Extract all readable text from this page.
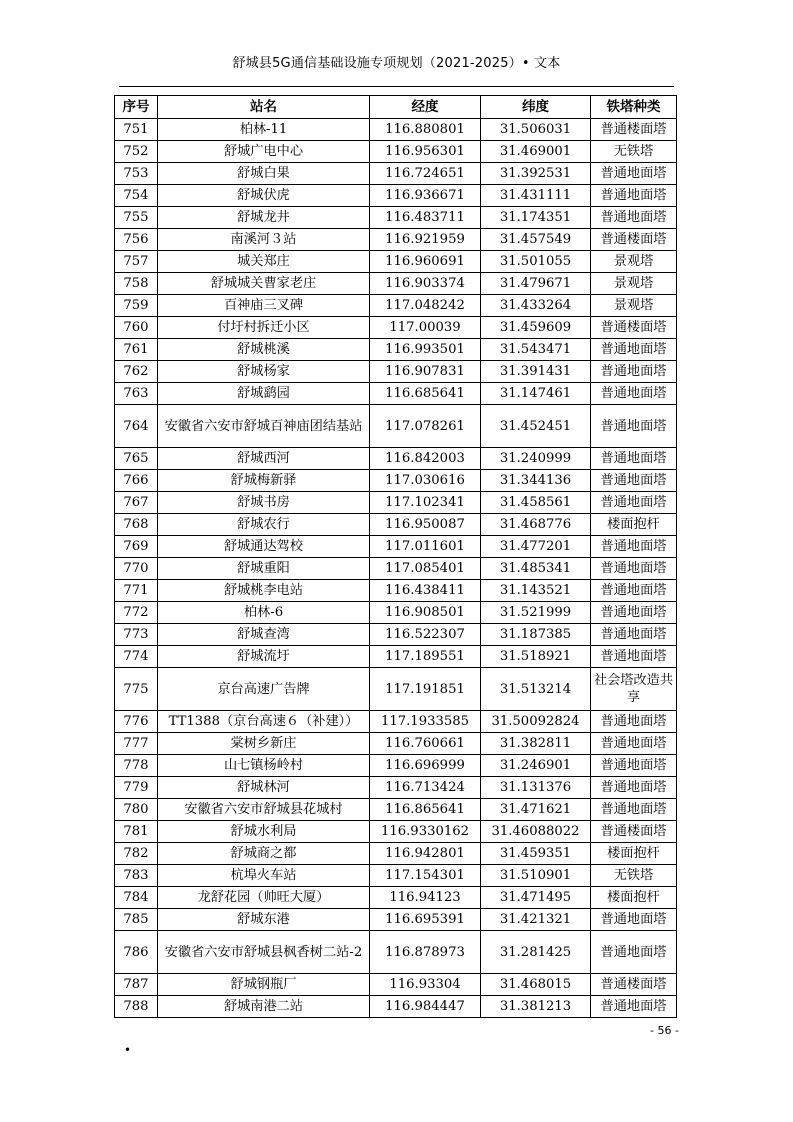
舒城县5G通信基础设施专项规划（2021-2025）• 文本
序号	站名	经度	纬度	铁塔种类
751	柏林-11	116.880801	31.506031	普通楼面塔
752	舒城广电中心	116.956301	31.469001	无铁塔
753	舒城白果	116.724651	31.392531	普通地面塔
754	舒城伏虎	116.936671	31.431111	普通地面塔
755	舒城龙井	116.483711	31.174351	普通地面塔
756	南溪河３站	116.921959	31.457549	普通楼面塔
757	城关郑庄	116.960691	31.501055	景观塔
758	舒城城关曹家老庄	116.903374	31.479671	景观塔
759	百神庙三叉碑	117.048242	31.433264	景观塔
760	付圩村拆迁小区	117.00039	31.459609	普通楼面塔
761	舒城桃溪	116.993501	31.543471	普通地面塔
762	舒城杨家	116.907831	31.391431	普通地面塔
763	舒城鹞园	116.685641	31.147461	普通地面塔
764	安徽省六安市舒城百神庙团结基站	117.078261	31.452451	普通地面塔
765	舒城西河	116.842003	31.240999	普通地面塔
766	舒城梅新驿	117.030616	31.344136	普通地面塔
767	舒城书房	117.102341	31.458561	普通地面塔
768	舒城农行	116.950087	31.468776	楼面抱杆
769	舒城通达驾校	117.011601	31.477201	普通地面塔
770	舒城重阳	117.085401	31.485341	普通地面塔
771	舒城桃李电站	116.438411	31.143521	普通地面塔
772	柏林-6	116.908501	31.521999	普通地面塔
773	舒城查湾	116.522307	31.187385	普通地面塔
774	舒城流圩	117.189551	31.518921	普通地面塔
775	京台高速广告牌	117.191851	31.513214	社会塔改造共享
776	TT1388（京台高速６（补建））	117.1933585	31.50092824	普通地面塔
777	棠树乡新庄	116.760661	31.382811	普通地面塔
778	山七镇杨岭村	116.696999	31.246901	普通地面塔
779	舒城林河	116.713424	31.131376	普通地面塔
780	安徽省六安市舒城县花城村	116.865641	31.471621	普通地面塔
781	舒城水利局	116.9330162	31.46088022	普通楼面塔
782	舒城商之都	116.942801	31.459351	楼面抱杆
783	杭埠火车站	117.154301	31.510901	无铁塔
784	龙舒花园（帅旺大厦）	116.94123	31.471495	楼面抱杆
785	舒城东港	116.695391	31.421321	普通地面塔
786	安徽省六安市舒城县枫香树二站-2	116.878973	31.281425	普通地面塔
787	舒城钢瓶厂	116.93304	31.468015	普通楼面塔
788	舒城南港二站	116.984447	31.381213	普通地面塔
- 56 -
•
